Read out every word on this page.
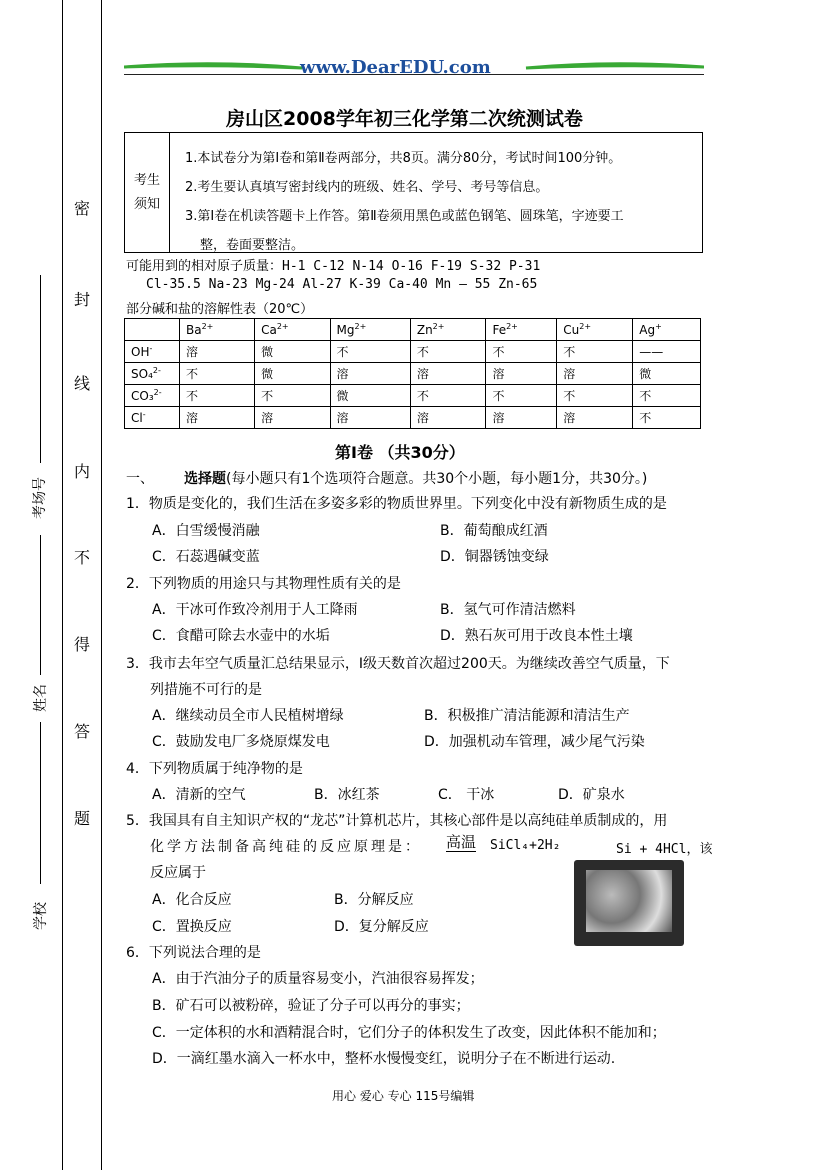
密
封
线
内
不
得
答
题
考场号
姓名
学校
www.DearEDU.com
房山区2008学年初三化学第二次统测试卷
考生
须知
1.本试卷分为第Ⅰ卷和第Ⅱ卷两部分，共8页。满分80分，考试时间100分钟。
2.考生要认真填写密封线内的班级、姓名、学号、考号等信息。
3.第Ⅰ卷在机读答题卡上作答。第Ⅱ卷须用黑色或蓝色钢笔、圆珠笔，字迹要工
整，卷面要整洁。
可能用到的相对原子质量：H-1 C-12 N-14 O-16 F-19 S-32 P-31
Cl-35.5 Na-23 Mg-24 Al-27 K-39 Ca-40 Mn — 55 Zn-65
部分碱和盐的溶解性表（20℃）
	$Ba^{2+}$	$Ca^{2+}$	$Mg^{2+}$	$Zn^{2+}$	$Fe^{2+}$	$Cu^{2+}$	Ag+
OH-	溶	微	不	不	不	不	——
SO₄$^{2-}$	不	微	溶	溶	溶	溶	微
CO₃$^{2-}$	不	不	微	不	不	不	不
Cl-	溶	溶	溶	溶	溶	溶	不
第Ⅰ卷 （共30分）
一、 选择题 (每小题只有1个选项符合题意。共30个小题，每小题1分，共30分。)
1．物质是变化的，我们生活在多姿多彩的物质世界里。下列变化中没有新物质生成的是
A．白雪缓慢消融	B．葡萄酿成红酒
C．石蕊遇碱变蓝	D．铜器锈蚀变绿
2．下列物质的用途只与其物理性质有关的是
A．干冰可作致冷剂用于人工降雨	B．氢气可作清洁燃料
C．食醋可除去水壶中的水垢	D．熟石灰可用于改良本性土壤
3．我市去年空气质量汇总结果显示，I级天数首次超过200天。为继续改善空气质量，下
列措施不可行的是
A．继续动员全市人民植树增绿	B．积极推广清洁能源和清洁生产
C．鼓励发电厂多烧原煤发电	D．加强机动车管理，减少尾气污染
4．下列物质属于纯净物的是
A．清新的空气	B．冰红茶	C． 干冰	D．矿泉水
5．我国具有自主知识产权的“龙芯”计算机芯片，其核心部件是以高纯硅单质制成的，用
化学方法制备高纯硅的反应原理是： 高温 SiCl₄+2H₂	Si + 4HCl，该
反应属于
A．化合反应	B．分解反应
C．置换反应	D．复分解反应
6．下列说法合理的是
A．由于汽油分子的质量容易变小，汽油很容易挥发；
B．矿石可以被粉碎，验证了分子可以再分的事实；
C．一定体积的水和酒精混合时，它们分子的体积发生了改变，因此体积不能加和；
D．一滴红墨水滴入一杯水中，整杯水慢慢变红，说明分子在不断进行运动.
用心 爱心 专心 115号编辑
